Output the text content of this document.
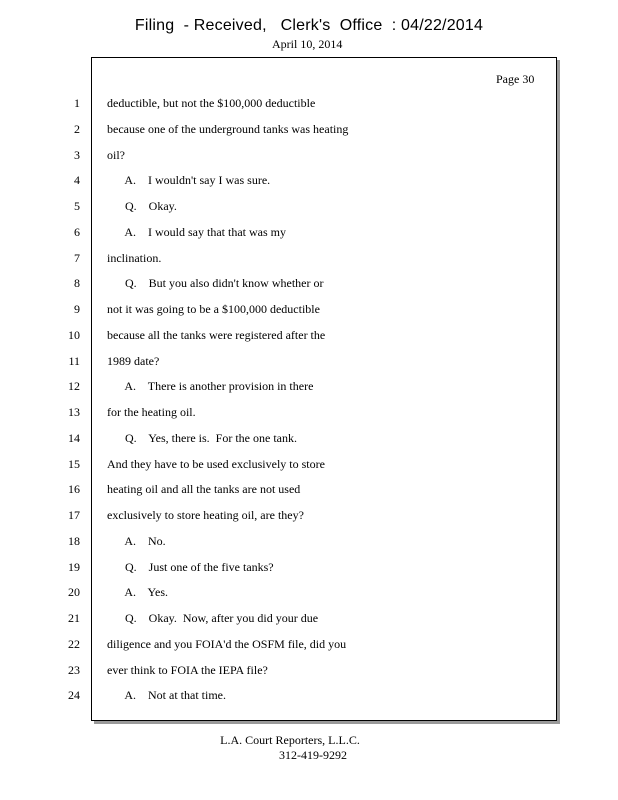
Filing  - Received,   Clerk's  Office  : 04/22/2014
April 10, 2014
Page 30
1 deductible, but not the $100,000 deductible
2 because one of the underground tanks was heating
3 oil?
4 A.    I wouldn't say I was sure.
5 Q.    Okay.
6 A.    I would say that that was my
7 inclination.
8 Q.    But you also didn't know whether or
9 not it was going to be a $100,000 deductible
10 because all the tanks were registered after the
11 1989 date?
12 A.    There is another provision in there
13 for the heating oil.
14 Q.    Yes, there is.  For the one tank.
15 And they have to be used exclusively to store
16 heating oil and all the tanks are not used
17 exclusively to store heating oil, are they?
18 A.    No.
19 Q.    Just one of the five tanks?
20 A.    Yes.
21 Q.    Okay.  Now, after you did your due
22 diligence and you FOIA'd the OSFM file, did you
23 ever think to FOIA the IEPA file?
24 A.    Not at that time.
L.A. Court Reporters, L.L.C.
312-419-9292
